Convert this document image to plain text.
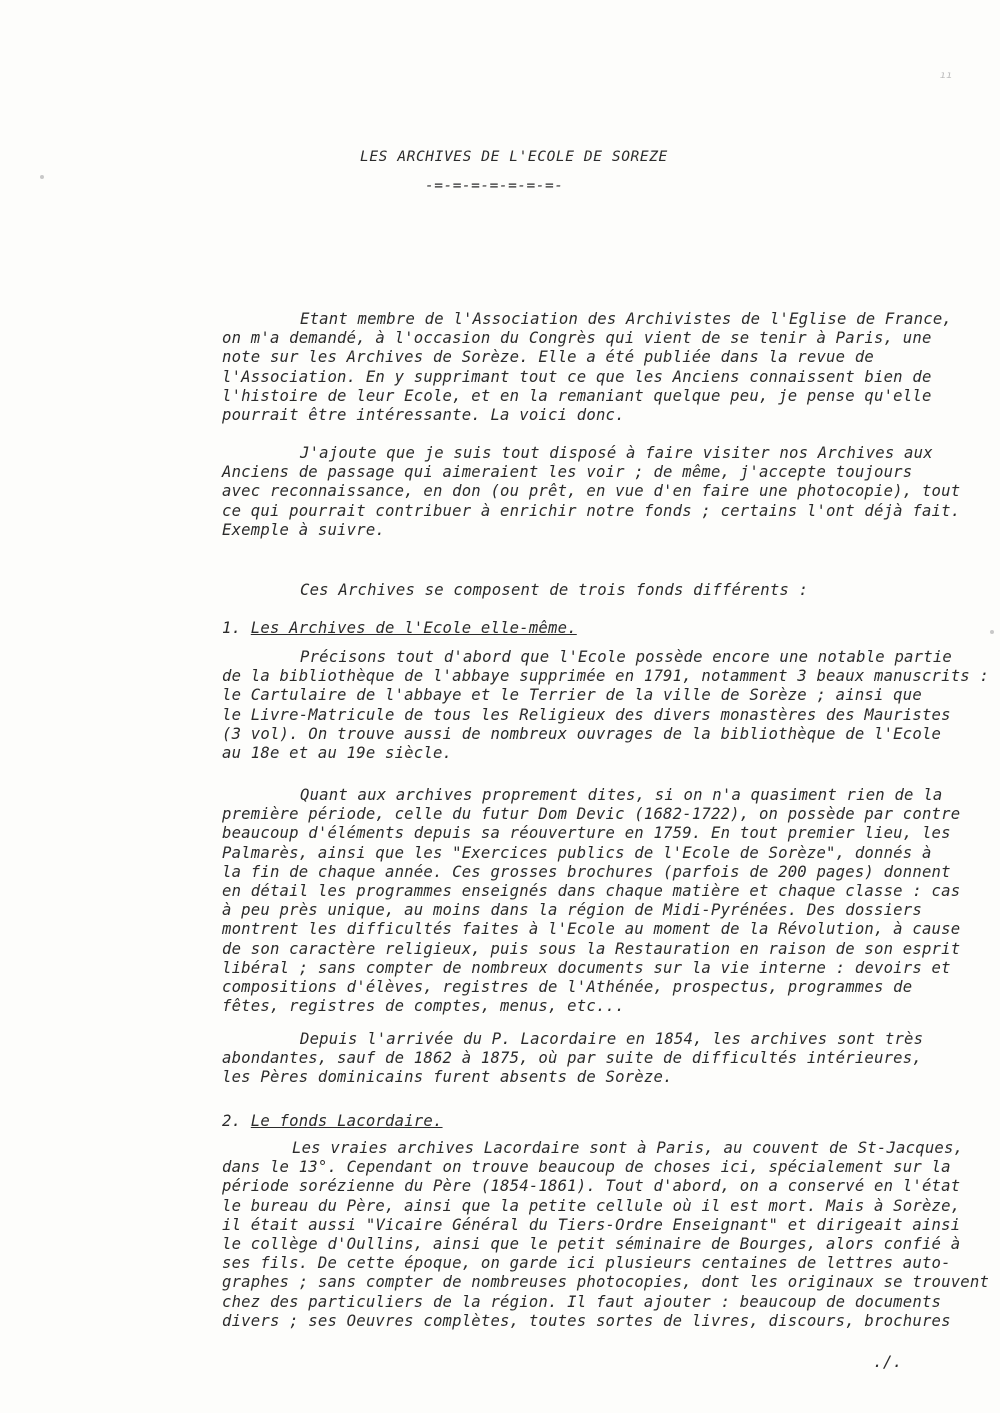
ıı
LES ARCHIVES DE L'ECOLE DE SOREZE
-=-=-=-=-=-=-=-
Etant membre de l'Association des Archivistes de l'Eglise de France,
on m'a demandé, à l'occasion du Congrès qui vient de se tenir à Paris, une
note sur les Archives de Sorèze. Elle a été publiée dans la revue de
l'Association. En y supprimant tout ce que les Anciens connaissent bien de
l'histoire de leur Ecole, et en la remaniant quelque peu, je pense qu'elle
pourrait être intéressante. La voici donc.
J'ajoute que je suis tout disposé à faire visiter nos Archives aux
Anciens de passage qui aimeraient les voir ; de même, j'accepte toujours
avec reconnaissance, en don (ou prêt, en vue d'en faire une photocopie), tout
ce qui pourrait contribuer à enrichir notre fonds ; certains l'ont déjà fait.
Exemple à suivre.
Ces Archives se composent de trois fonds différents :
1. Les Archives de l'Ecole elle-même.
Précisons tout d'abord que l'Ecole possède encore une notable partie
de la bibliothèque de l'abbaye supprimée en 1791, notamment 3 beaux manuscrits :
le Cartulaire de l'abbaye et le Terrier de la ville de Sorèze ; ainsi que
le Livre-Matricule de tous les Religieux des divers monastères des Mauristes
(3 vol). On trouve aussi de nombreux ouvrages de la bibliothèque de l'Ecole
au 18e et au 19e siècle.
Quant aux archives proprement dites, si on n'a quasiment rien de la
première période, celle du futur Dom Devic (1682-1722), on possède par contre
beaucoup d'éléments depuis sa réouverture en 1759. En tout premier lieu, les
Palmarès, ainsi que les "Exercices publics de l'Ecole de Sorèze", donnés à
la fin de chaque année. Ces grosses brochures (parfois de 200 pages) donnent
en détail les programmes enseignés dans chaque matière et chaque classe : cas
à peu près unique, au moins dans la région de Midi-Pyrénées. Des dossiers
montrent les difficultés faites à l'Ecole au moment de la Révolution, à cause
de son caractère religieux, puis sous la Restauration en raison de son esprit
libéral ; sans compter de nombreux documents sur la vie interne : devoirs et
compositions d'élèves, registres de l'Athénée, prospectus, programmes de
fêtes, registres de comptes, menus, etc...
Depuis l'arrivée du P. Lacordaire en 1854, les archives sont très
abondantes, sauf de 1862 à 1875, où par suite de difficultés intérieures,
les Pères dominicains furent absents de Sorèze.
2. Le fonds Lacordaire.
Les vraies archives Lacordaire sont à Paris, au couvent de St-Jacques,
dans le 13°. Cependant on trouve beaucoup de choses ici, spécialement sur la
période sorézienne du Père (1854-1861). Tout d'abord, on a conservé en l'état
le bureau du Père, ainsi que la petite cellule où il est mort. Mais à Sorèze,
il était aussi "Vicaire Général du Tiers-Ordre Enseignant" et dirigeait ainsi
le collège d'Oullins, ainsi que le petit séminaire de Bourges, alors confié à
ses fils. De cette époque, on garde ici plusieurs centaines de lettres auto-
graphes ; sans compter de nombreuses photocopies, dont les originaux se trouvent
chez des particuliers de la région. Il faut ajouter : beaucoup de documents
divers ; ses Oeuvres complètes, toutes sortes de livres, discours, brochures
./.
